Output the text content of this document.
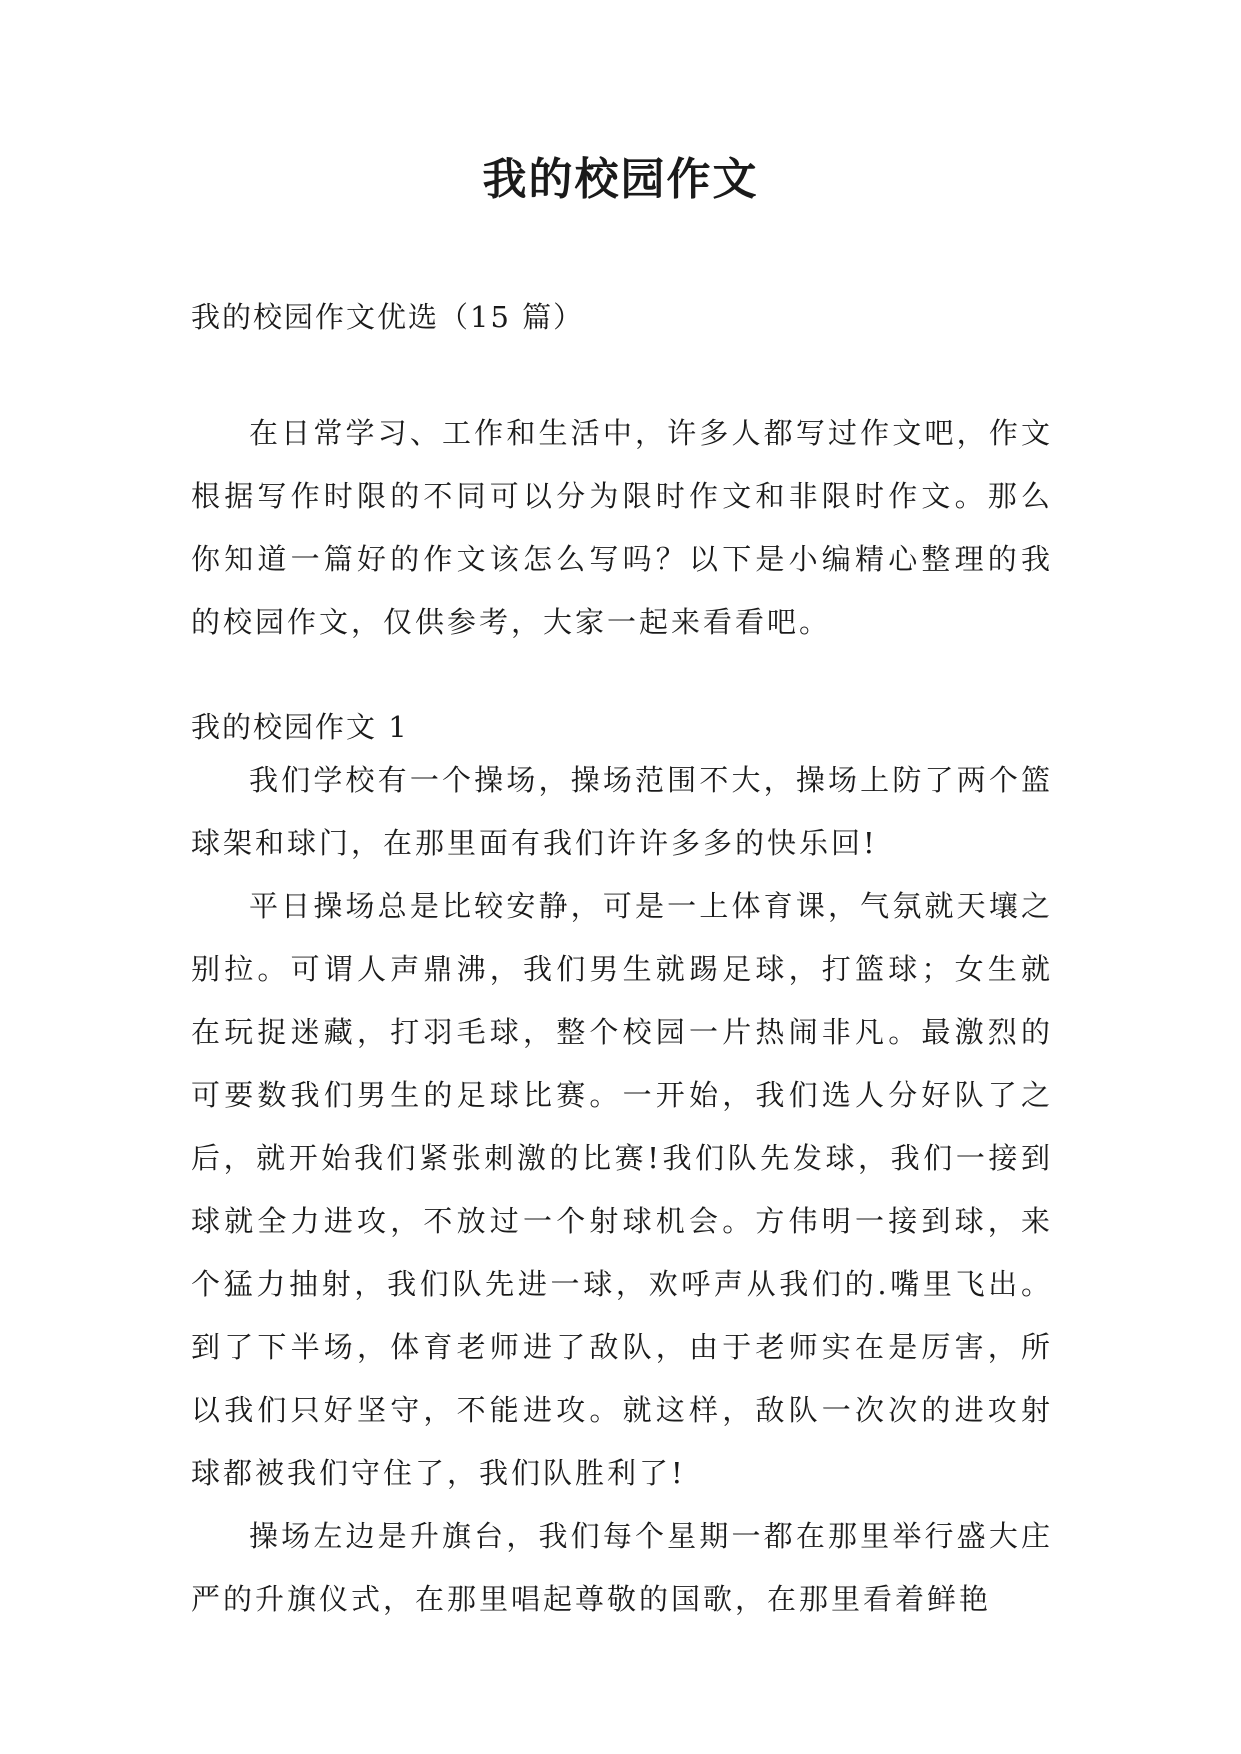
我的校园作文

我的校园作文优选（15 篇）

在日常学习、工作和生活中，许多人都写过作文吧，作文根据写作时限的不同可以分为限时作文和非限时作文。那么你知道一篇好的作文该怎么写吗？以下是小编精心整理的我的校园作文，仅供参考，大家一起来看看吧。

我的校园作文 1

我们学校有一个操场，操场范围不大，操场上防了两个篮球架和球门，在那里面有我们许许多多的快乐回!

平日操场总是比较安静，可是一上体育课，气氛就天壤之别拉。可谓人声鼎沸，我们男生就踢足球，打篮球；女生就在玩捉迷藏，打羽毛球，整个校园一片热闹非凡。最激烈的可要数我们男生的足球比赛。一开始，我们选人分好队了之后，就开始我们紧张刺激的比赛!我们队先发球，我们一接到球就全力进攻，不放过一个射球机会。方伟明一接到球，来个猛力抽射，我们队先进一球，欢呼声从我们的.嘴里飞出。到了下半场，体育老师进了敌队，由于老师实在是厉害，所以我们只好坚守，不能进攻。就这样，敌队一次次的进攻射球都被我们守住了，我们队胜利了!

操场左边是升旗台，我们每个星期一都在那里举行盛大庄严的升旗仪式，在那里唱起尊敬的国歌，在那里看着鲜艳
